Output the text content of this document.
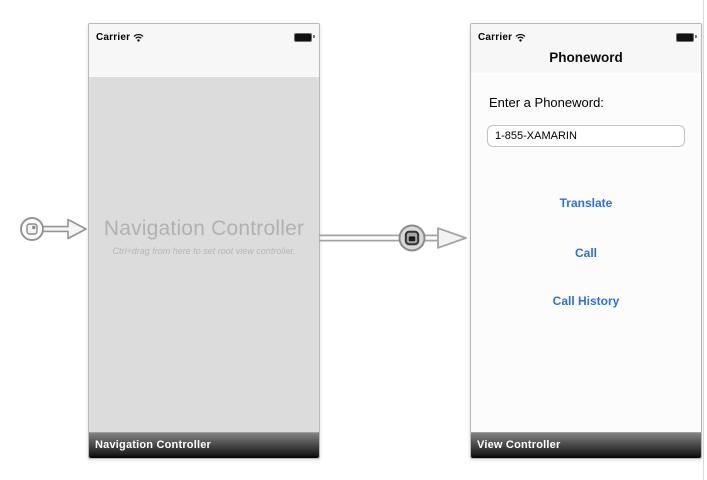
Carrier
Navigation Controller
Ctrl+drag from here to set root view controller.
Navigation Controller
Carrier
Phoneword
Enter a Phoneword:
1-855-XAMARIN
Translate
Call
Call History
View Controller
